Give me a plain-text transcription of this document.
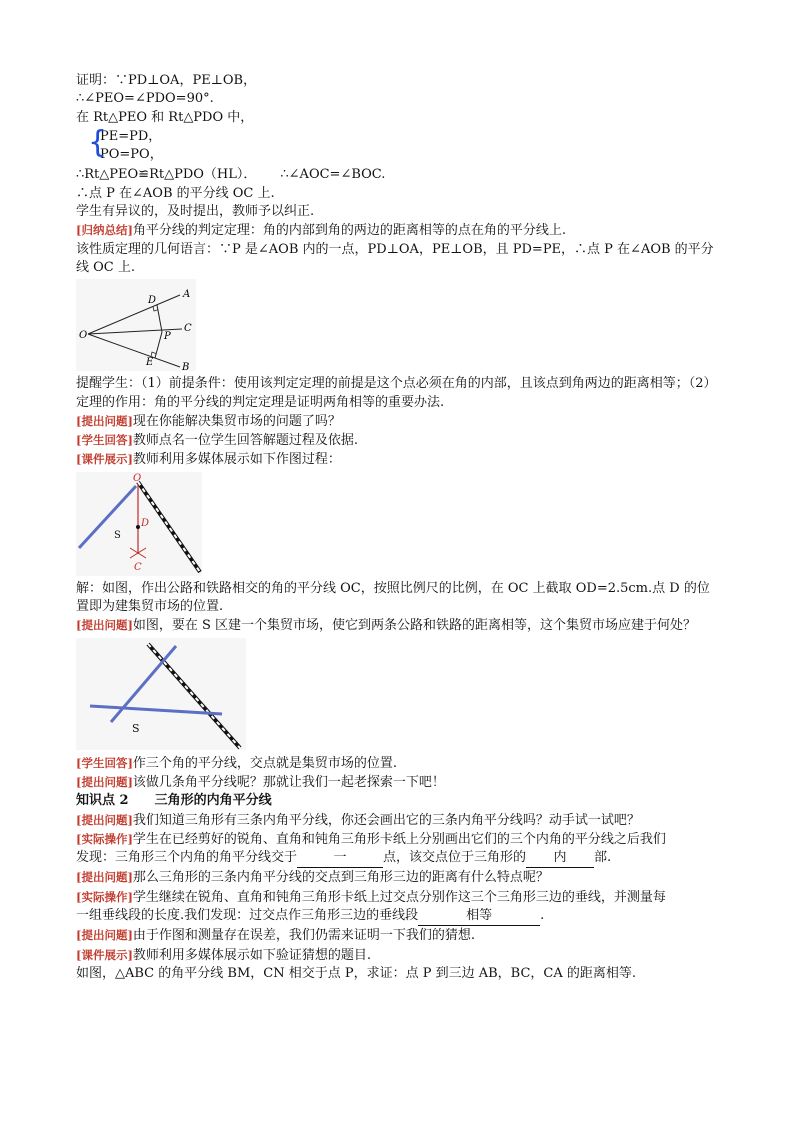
证明：∵PD⊥OA，PE⊥OB，
∴∠PEO=∠PDO=90°.
在 Rt△PEO 和 Rt△PDO 中，
{
PE=PD，
PO=PO，
∴Rt△PEO≌Rt△PDO（HL）． ∴∠AOC=∠BOC.
∴点 P 在∠AOB 的平分线 OC 上.
学生有异议的，及时提出，教师予以纠正.
[归纳总结]角平分线的判定定理：角的内部到角的两边的距离相等的点在角的平分线上.
该性质定理的几何语言：∵P 是∠AOB 内的一点，PD⊥OA，PE⊥OB，且 PD=PE，∴点 P 在∠AOB 的平分线 OC 上.
O
A
B
C
D
E
P
提醒学生：（1）前提条件：使用该判定定理的前提是这个点必须在角的内部，且该点到角两边的距离相等；（2）定理的作用：角的平分线的判定定理是证明两角相等的重要办法.
[提出问题]现在你能解决集贸市场的问题了吗？
[学生回答]教师点名一位学生回答解题过程及依据.
[课件展示]教师利用多媒体展示如下作图过程：
O
D
C
S
解：如图，作出公路和铁路相交的角的平分线 OC，按照比例尺的比例，在 OC 上截取 OD=2.5cm.点 D 的位置即为建集贸市场的位置.
[提出问题]如图，要在 S 区建一个集贸市场，使它到两条公路和铁路的距离相等，这个集贸市场应建于何处？
S
[学生回答]作三个角的平分线，交点就是集贸市场的位置.
[提出问题]该做几条角平分线呢？那就让我们一起老探索一下吧！
知识点 2 三角形的内角平分线
[提出问题]我们知道三角形有三条内角平分线，你还会画出它的三条内角平分线吗？动手试一试吧？
[实际操作]学生在已经剪好的锐角、直角和钝角三角形卡纸上分别画出它们的三个内角的平分线之后我们
发现：三角形三个内角的角平分线交于	一	点，该交点位于三角形的 内 部.
[提出问题]那么三角形的三条内角平分线的交点到三角形三边的距离有什么特点呢？
[实际操作]学生继续在锐角、直角和钝角三角形卡纸上过交点分别作这三个三角形三边的垂线，并测量每
一组垂线段的长度.我们发现：过交点作三角形三边的垂线段	相等	.
[提出问题]由于作图和测量存在误差，我们仍需来证明一下我们的猜想.
[课件展示]教师利用多媒体展示如下验证猜想的题目.
如图，△ABC 的角平分线 BM，CN 相交于点 P，求证：点 P 到三边 AB，BC，CA 的距离相等.
